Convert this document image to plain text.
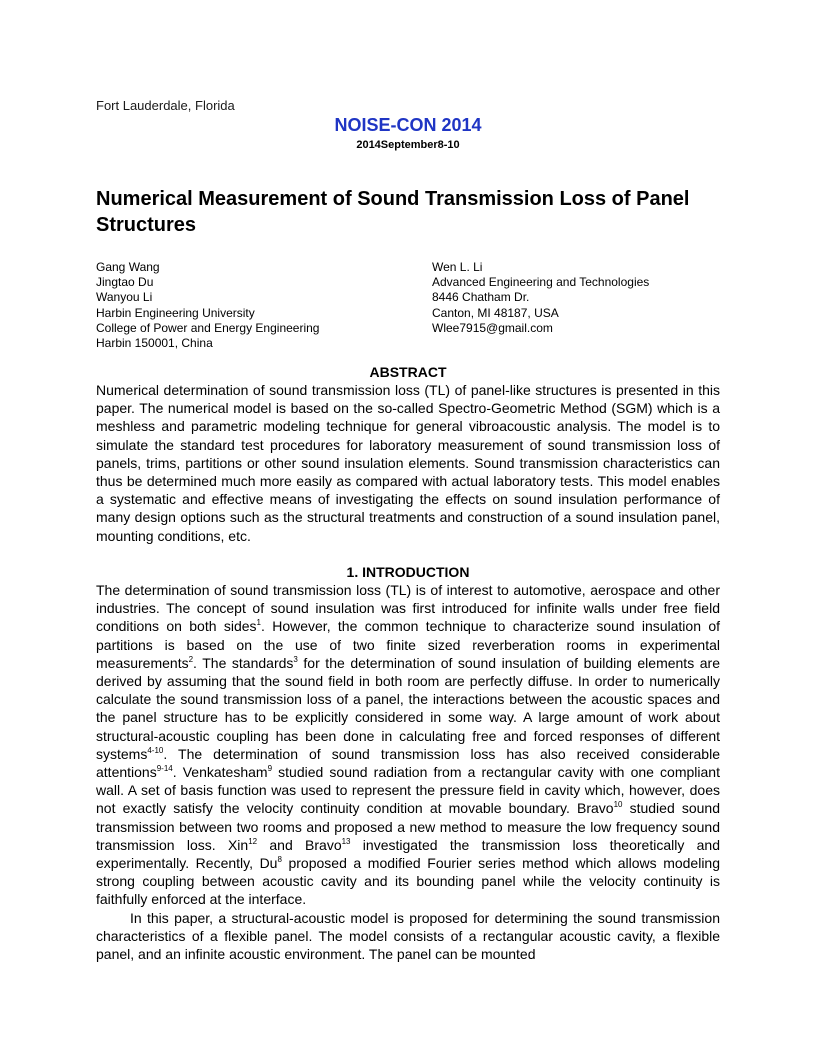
Fort Lauderdale, Florida
NOISE-CON 2014
2014September8-10
Numerical Measurement of Sound Transmission Loss of Panel Structures
Gang Wang
Jingtao Du
Wanyou Li
Harbin Engineering University
College of Power and Energy Engineering
Harbin 150001, China
Wen L. Li
Advanced Engineering and Technologies
8446 Chatham Dr.
Canton, MI 48187, USA
Wlee7915@gmail.com
ABSTRACT

Numerical determination of sound transmission loss (TL) of panel-like structures is presented in this paper. The numerical model is based on the so-called Spectro-Geometric Method (SGM) which is a meshless and parametric modeling technique for general vibroacoustic analysis. The model is to simulate the standard test procedures for laboratory measurement of sound transmission loss of panels, trims, partitions or other sound insulation elements. Sound transmission characteristics can thus be determined much more easily as compared with actual laboratory tests. This model enables a systematic and effective means of investigating the effects on sound insulation performance of many design options such as the structural treatments and construction of a sound insulation panel, mounting conditions, etc.

1. INTRODUCTION

The determination of sound transmission loss (TL) is of interest to automotive, aerospace and other industries. The concept of sound insulation was first introduced for infinite walls under free field conditions on both sides$^1$. However, the common technique to characterize sound insulation of partitions is based on the use of two finite sized reverberation rooms in experimental measurements$^2$. The standards$^3$ for the determination of sound insulation of building elements are derived by assuming that the sound field in both room are perfectly diffuse. In order to numerically calculate the sound transmission loss of a panel, the interactions between the acoustic spaces and the panel structure has to be explicitly considered in some way. A large amount of work about structural-acoustic coupling has been done in calculating free and forced responses of different systems$^{4-10}$. The determination of sound transmission loss has also received considerable attentions$^{9-14}$. Venkatesham$^9$ studied sound radiation from a rectangular cavity with one compliant wall. A set of basis function was used to represent the pressure field in cavity which, however, does not exactly satisfy the velocity continuity condition at movable boundary. Bravo$^{10}$ studied sound transmission between two rooms and proposed a new method to measure the low frequency sound transmission loss. Xin$^{12}$ and Bravo$^{13}$ investigated the transmission loss theoretically and experimentally. Recently, Du$^8$ proposed a modified Fourier series method which allows modeling strong coupling between acoustic cavity and its bounding panel while the velocity continuity is faithfully enforced at the interface.

In this paper, a structural-acoustic model is proposed for determining the sound transmission characteristics of a flexible panel. The model consists of a rectangular acoustic cavity, a flexible panel, and an infinite acoustic environment. The panel can be mounted
